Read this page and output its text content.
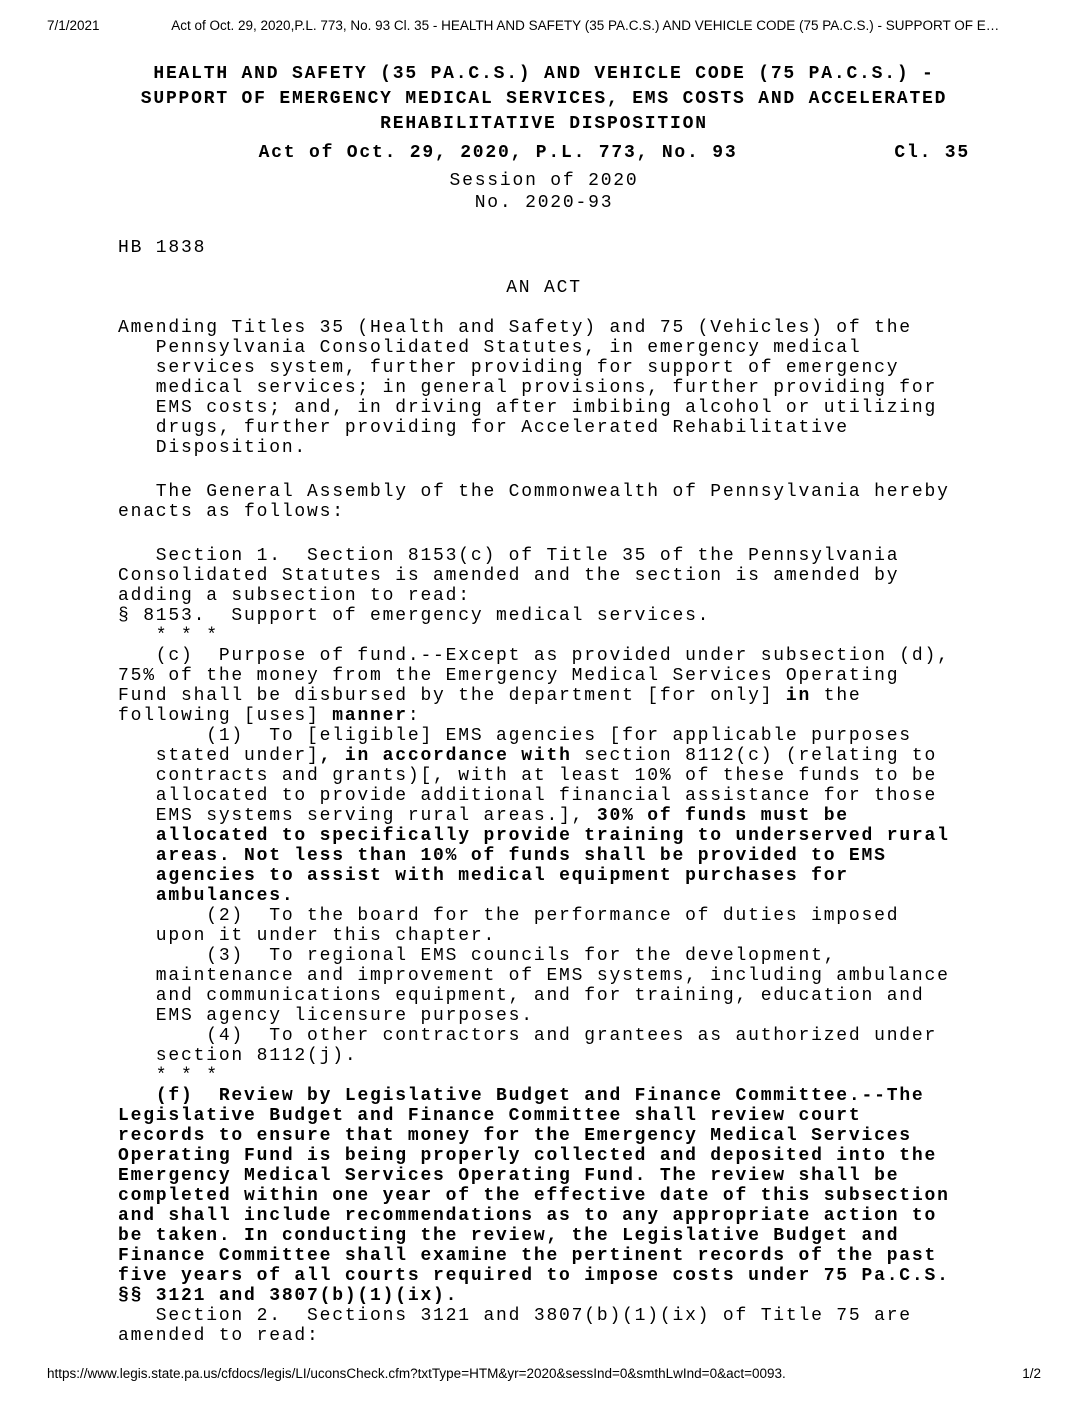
7/1/2021	Act of Oct. 29, 2020,P.L. 773, No. 93 Cl. 35 - HEALTH AND SAFETY (35 PA.C.S.) AND VEHICLE CODE (75 PA.C.S.) - SUPPORT OF E…
HEALTH AND SAFETY (35 PA.C.S.) AND VEHICLE CODE (75 PA.C.S.) -
SUPPORT OF EMERGENCY MEDICAL SERVICES, EMS COSTS AND ACCELERATED
REHABILITATIVE DISPOSITION
Act of Oct. 29, 2020, P.L. 773, No. 93	Cl. 35
Session of 2020
No. 2020-93
HB 1838
AN ACT
Amending Titles 35 (Health and Safety) and 75 (Vehicles) of the
Pennsylvania Consolidated Statutes, in emergency medical
services system, further providing for support of emergency
medical services; in general provisions, further providing for
EMS costs; and, in driving after imbibing alcohol or utilizing
drugs, further providing for Accelerated Rehabilitative
Disposition.
The General Assembly of the Commonwealth of Pennsylvania hereby
enacts as follows:
Section 1.  Section 8153(c) of Title 35 of the Pennsylvania
Consolidated Statutes is amended and the section is amended by
adding a subsection to read:
§ 8153.  Support of emergency medical services.
* * *
(c)  Purpose of fund.--Except as provided under subsection (d),
75% of the money from the Emergency Medical Services Operating
Fund shall be disbursed by the department [for only] in the
following [uses] manner:
(1)  To [eligible] EMS agencies [for applicable purposes
stated under], in accordance with section 8112(c) (relating to
contracts and grants)[, with at least 10% of these funds to be
allocated to provide additional financial assistance for those
EMS systems serving rural areas.], 30% of funds must be
allocated to specifically provide training to underserved rural
areas. Not less than 10% of funds shall be provided to EMS
agencies to assist with medical equipment purchases for
ambulances.
(2)  To the board for the performance of duties imposed
upon it under this chapter.
(3)  To regional EMS councils for the development,
maintenance and improvement of EMS systems, including ambulance
and communications equipment, and for training, education and
EMS agency licensure purposes.
(4)  To other contractors and grantees as authorized under
section 8112(j).
* * *
(f)  Review by Legislative Budget and Finance Committee.--The
Legislative Budget and Finance Committee shall review court
records to ensure that money for the Emergency Medical Services
Operating Fund is being properly collected and deposited into the
Emergency Medical Services Operating Fund. The review shall be
completed within one year of the effective date of this subsection
and shall include recommendations as to any appropriate action to
be taken. In conducting the review, the Legislative Budget and
Finance Committee shall examine the pertinent records of the past
five years of all courts required to impose costs under 75 Pa.C.S.
§§ 3121 and 3807(b)(1)(ix).
Section 2.  Sections 3121 and 3807(b)(1)(ix) of Title 75 are
amended to read:
https://www.legis.state.pa.us/cfdocs/legis/LI/uconsCheck.cfm?txtType=HTM&yr=2020&sessInd=0&smthLwInd=0&act=0093.	1/2
